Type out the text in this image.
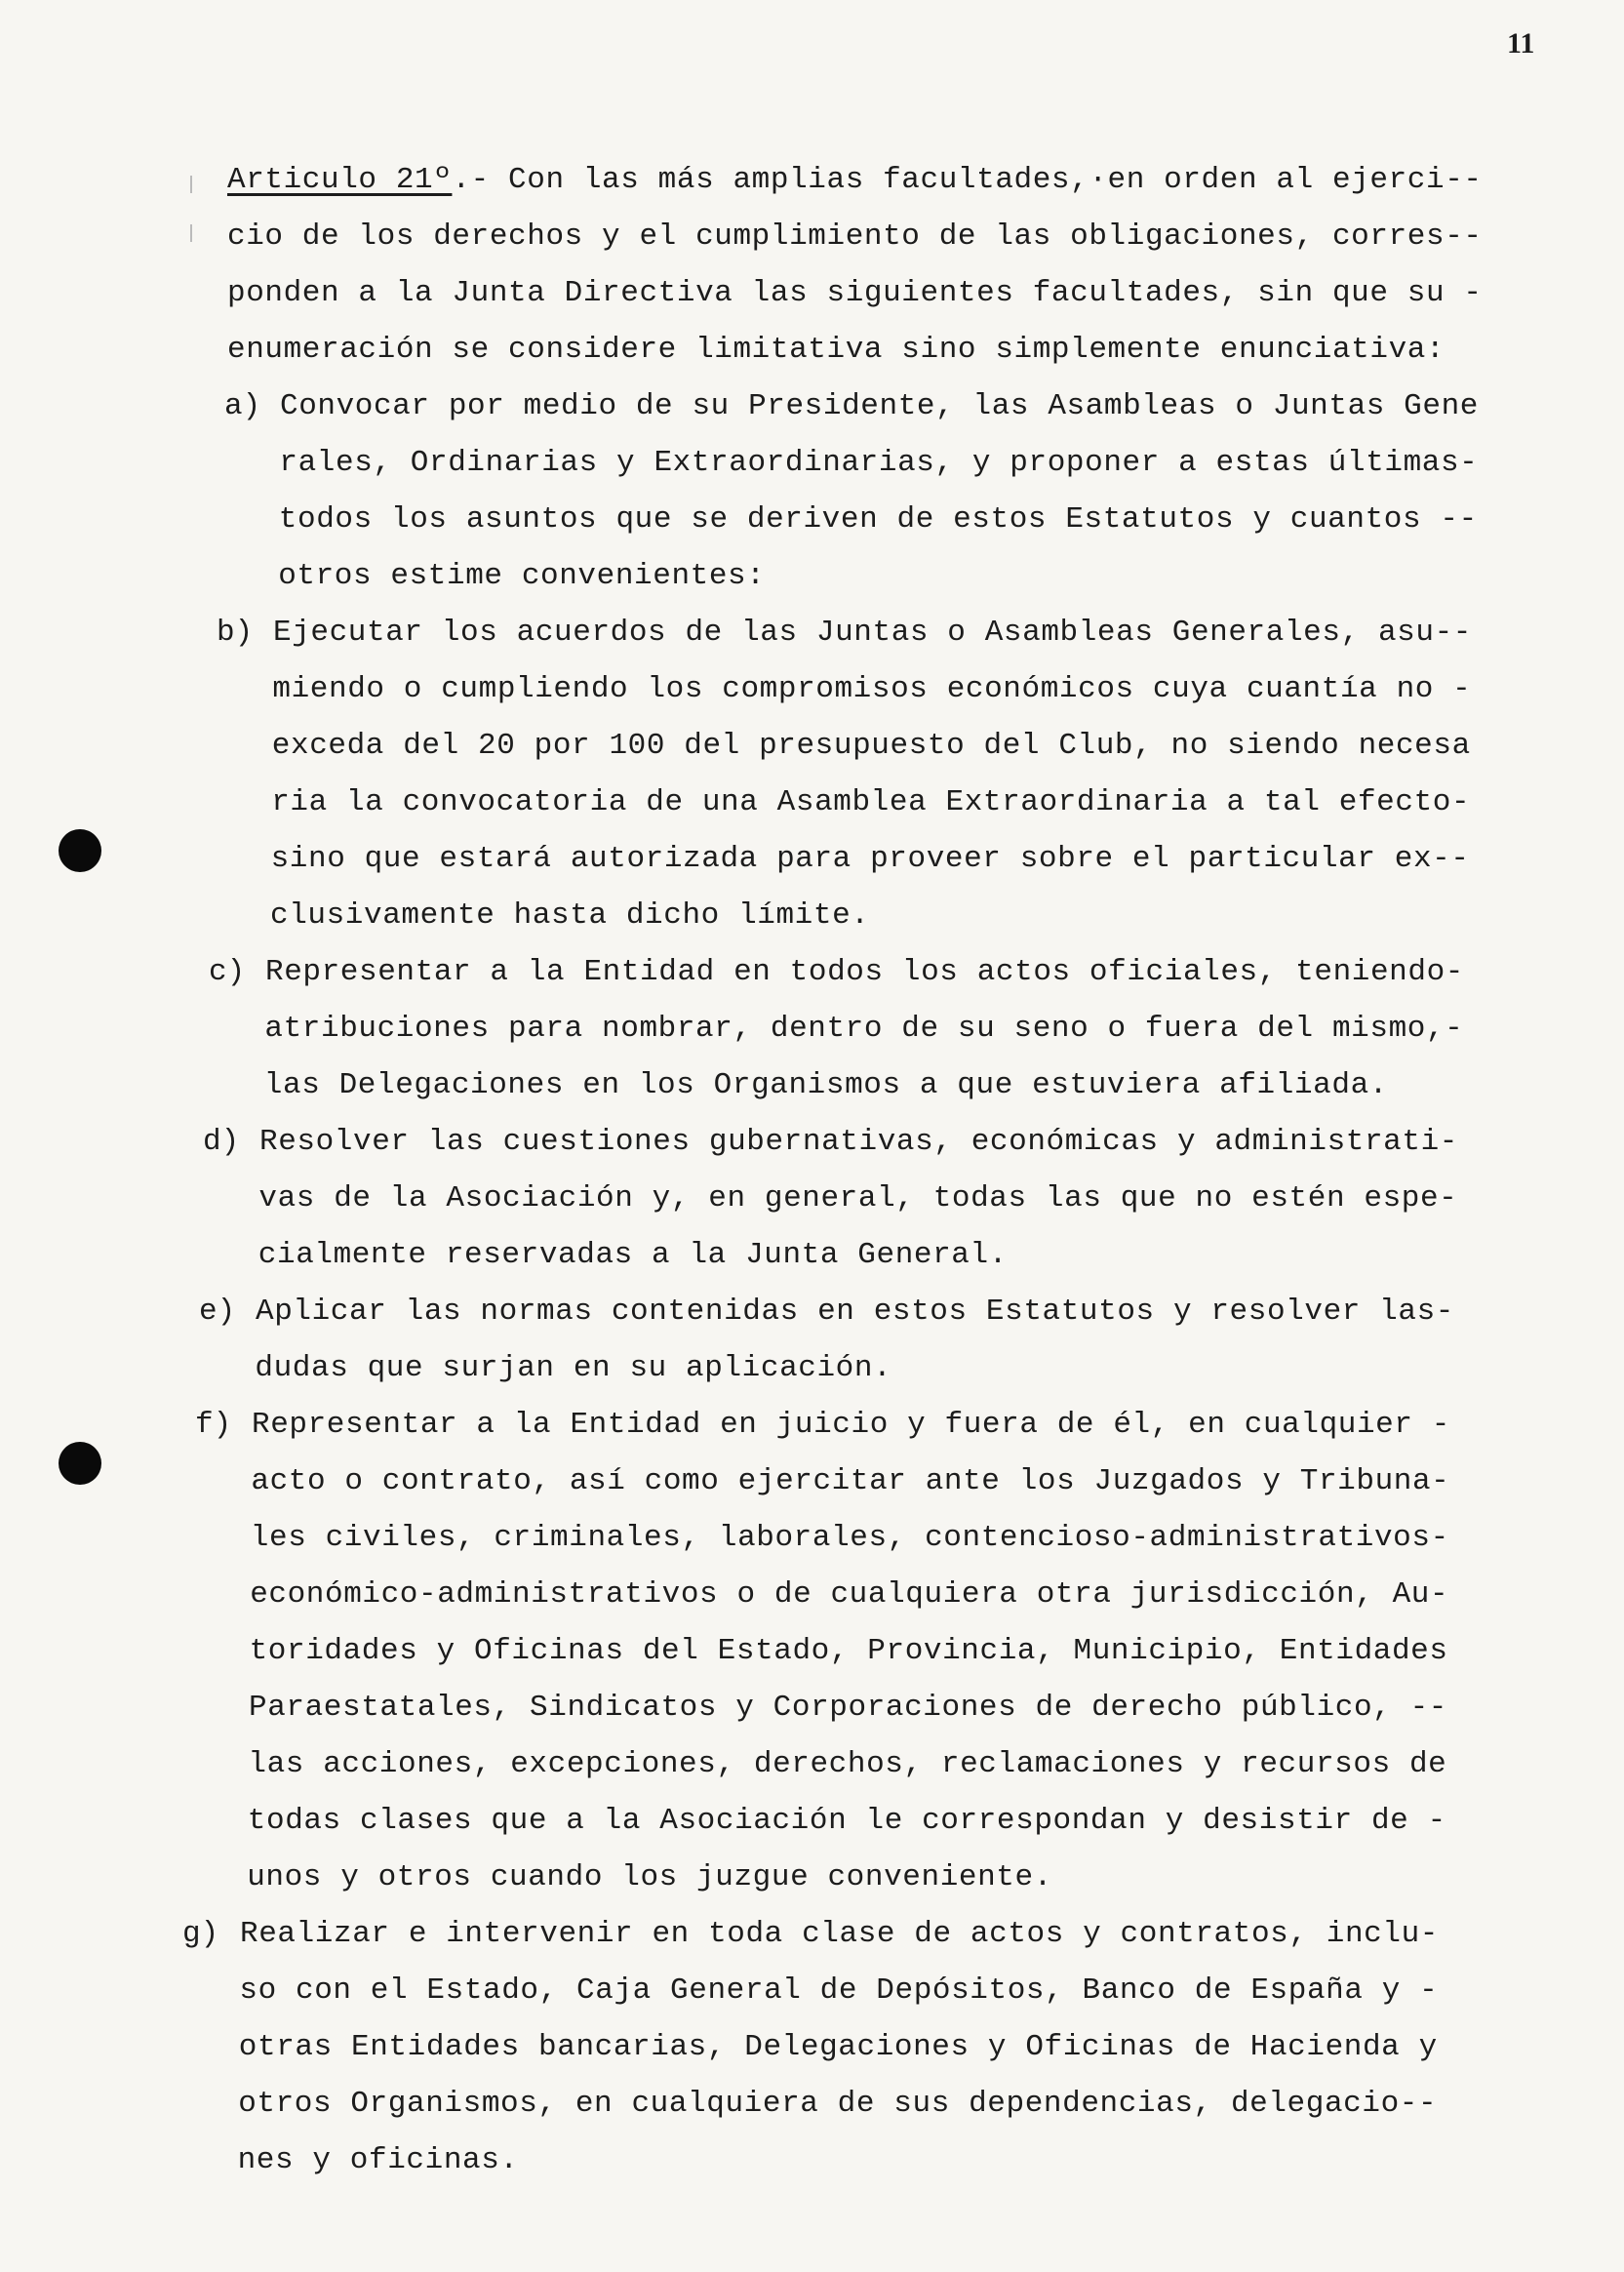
11
Articulo 21º.- Con las más amplias facultades,·en orden al ejerci--
cio de los derechos y el cumplimiento de las obligaciones, corres--
ponden a la Junta Directiva las siguientes facultades, sin que su -
enumeración se considere limitativa sino simplemente enunciativa:
a) Convocar por medio de su Presidente, las Asambleas o Juntas Gene
rales, Ordinarias y Extraordinarias, y proponer a estas últimas-
todos los asuntos que se deriven de estos Estatutos y cuantos --
otros estime convenientes:
b) Ejecutar los acuerdos de las Juntas o Asambleas Generales, asu--
miendo o cumpliendo los compromisos económicos cuya cuantía no -
exceda del 20 por 100 del presupuesto del Club, no siendo necesa
ria la convocatoria de una Asamblea Extraordinaria a tal efecto-
sino que estará autorizada para proveer sobre el particular ex--
clusivamente hasta dicho límite.
c) Representar a la Entidad en todos los actos oficiales, teniendo-
atribuciones para nombrar, dentro de su seno o fuera del mismo,-
las Delegaciones en los Organismos a que estuviera afiliada.
d) Resolver las cuestiones gubernativas, económicas y administrati-
vas de la Asociación y, en general, todas las que no estén espe-
cialmente reservadas a la Junta General.
e) Aplicar las normas contenidas en estos Estatutos y resolver las-
dudas que surjan en su aplicación.
f) Representar a la Entidad en juicio y fuera de él, en cualquier -
acto o contrato, así como ejercitar ante los Juzgados y Tribuna-
les civiles, criminales, laborales, contencioso-administrativos-
económico-administrativos o de cualquiera otra jurisdicción, Au-
toridades y Oficinas del Estado, Provincia, Municipio, Entidades
Paraestatales, Sindicatos y Corporaciones de derecho público, --
las acciones, excepciones, derechos, reclamaciones y recursos de
todas clases que a la Asociación le correspondan y desistir de -
unos y otros cuando los juzgue conveniente.
g) Realizar e intervenir en toda clase de actos y contratos, inclu-
so con el Estado, Caja General de Depósitos, Banco de España y -
otras Entidades bancarias, Delegaciones y Oficinas de Hacienda y
otros Organismos, en cualquiera de sus dependencias, delegacio--
nes y oficinas.
